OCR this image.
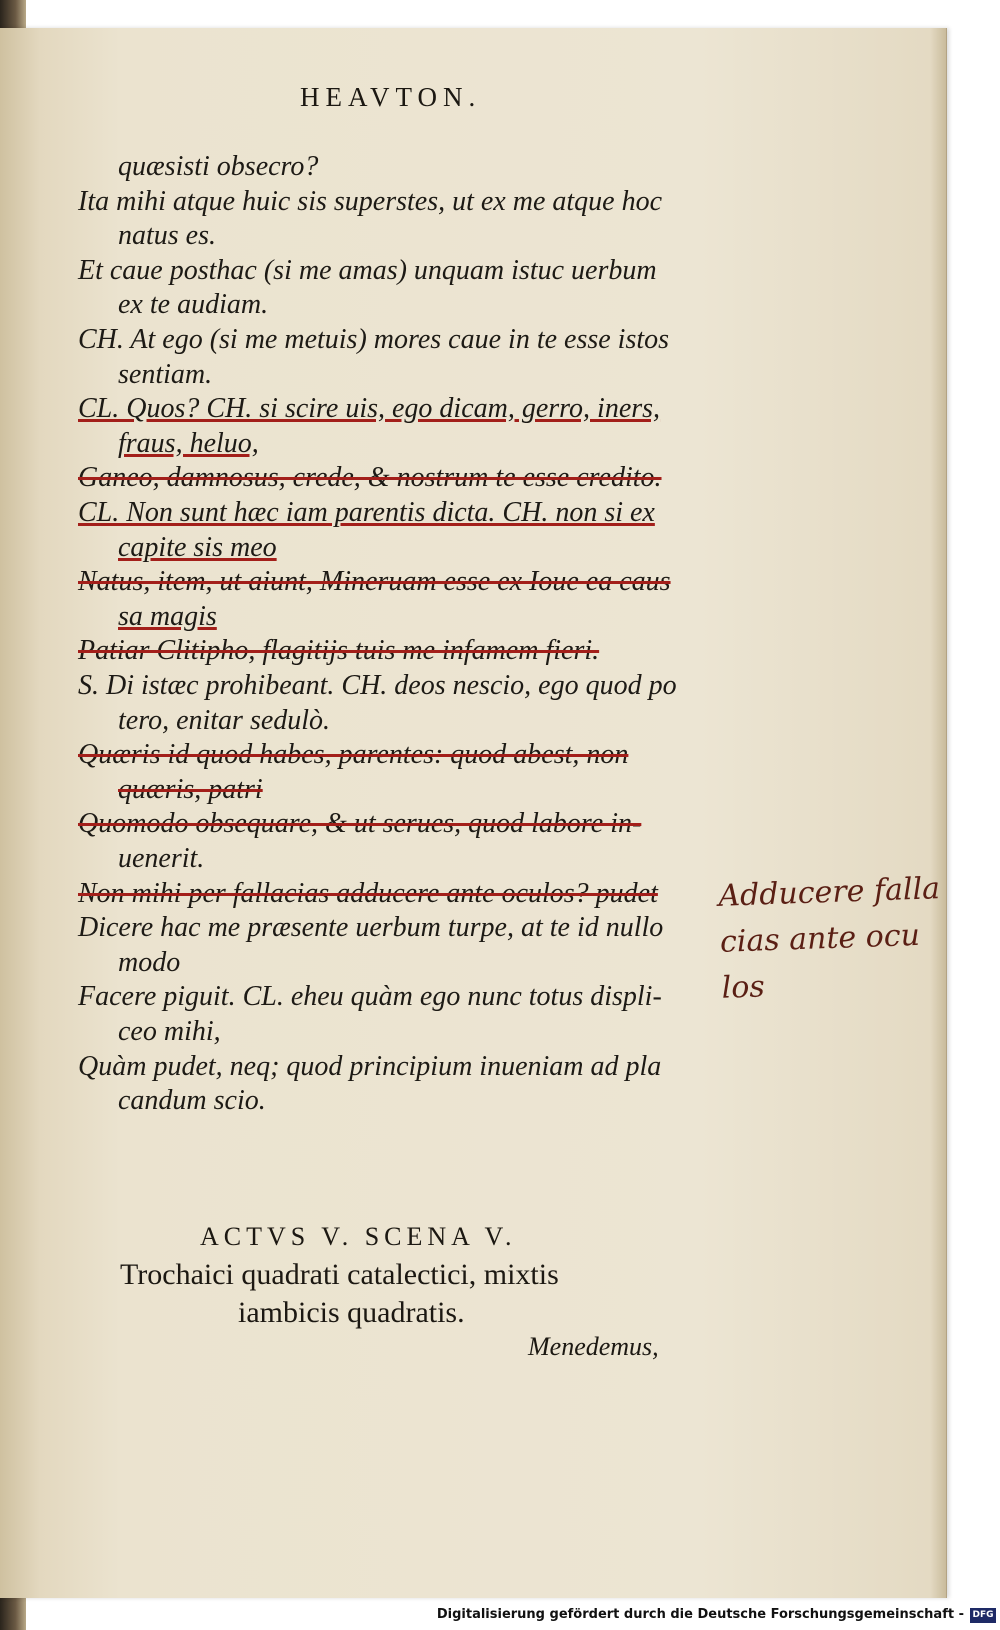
HEAVTON.
quæsisti obsecro?
Ita mihi atque huic sis superstes, ut ex me atque hoc
natus es.
Et caue posthac (si me amas) unquam istuc uerbum
ex te audiam.
CH. At ego (si me metuis) mores caue in te esse istos
sentiam.
CL. Quos? CH. si scire uis, ego dicam, gerro, iners,
fraus, heluo,
Ganeo, damnosus, crede, & nostrum te esse credito.
CL. Non sunt hæc iam parentis dicta. CH. non si ex
capite sis meo
Natus, item, ut aiunt, Mineruam esse ex Ioue ea caus
sa magis
Patiar Clitipho, flagitijs tuis me infamem fieri.
S. Di istæc prohibeant. CH. deos nescio, ego quod po
tero, enitar sedulò.
Quæris id quod habes, parentes: quod abest, non
quæris, patri
Quomodo obsequare, & ut serues, quod labore in-
uenerit.
Non mihi per fallacias adducere ante oculos? pudet
Dicere hac me præsente uerbum turpe, at te id nullo
modo
Facere piguit. CL. eheu quàm ego nunc totus displi-
ceo mihi,
Quàm pudet, neq; quod principium inueniam ad pla
candum scio.
Adducere falla
cias ante ocu
los
ACTVS V. SCENA V.
Trochaici quadrati catalectici, mixtis
iambicis quadratis.
Menedemus,
Digitalisierung gefördert durch die Deutsche Forschungsgemeinschaft - DFG
